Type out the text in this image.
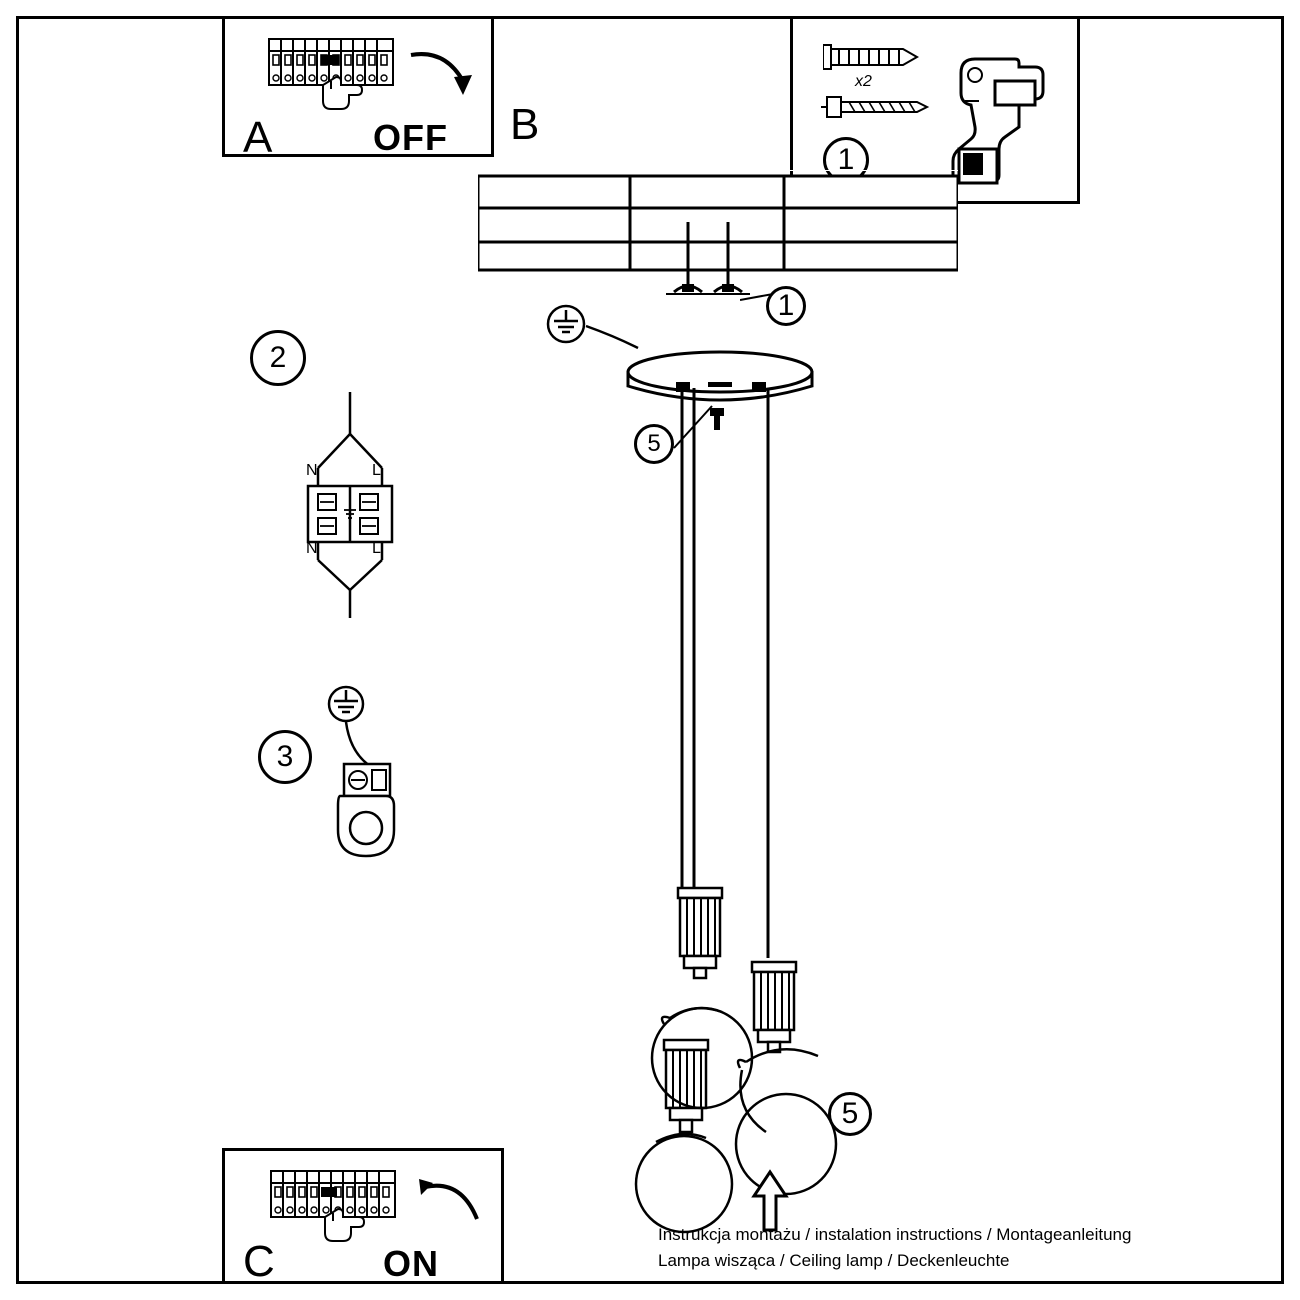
A	OFF B
1
x2
1
5
5
2
N	L
N	L
3
C	ON
Instrukcja montażu / instalation instructions / Montageanleitung
Lampa wisząca / Ceiling lamp / Deckenleuchte
